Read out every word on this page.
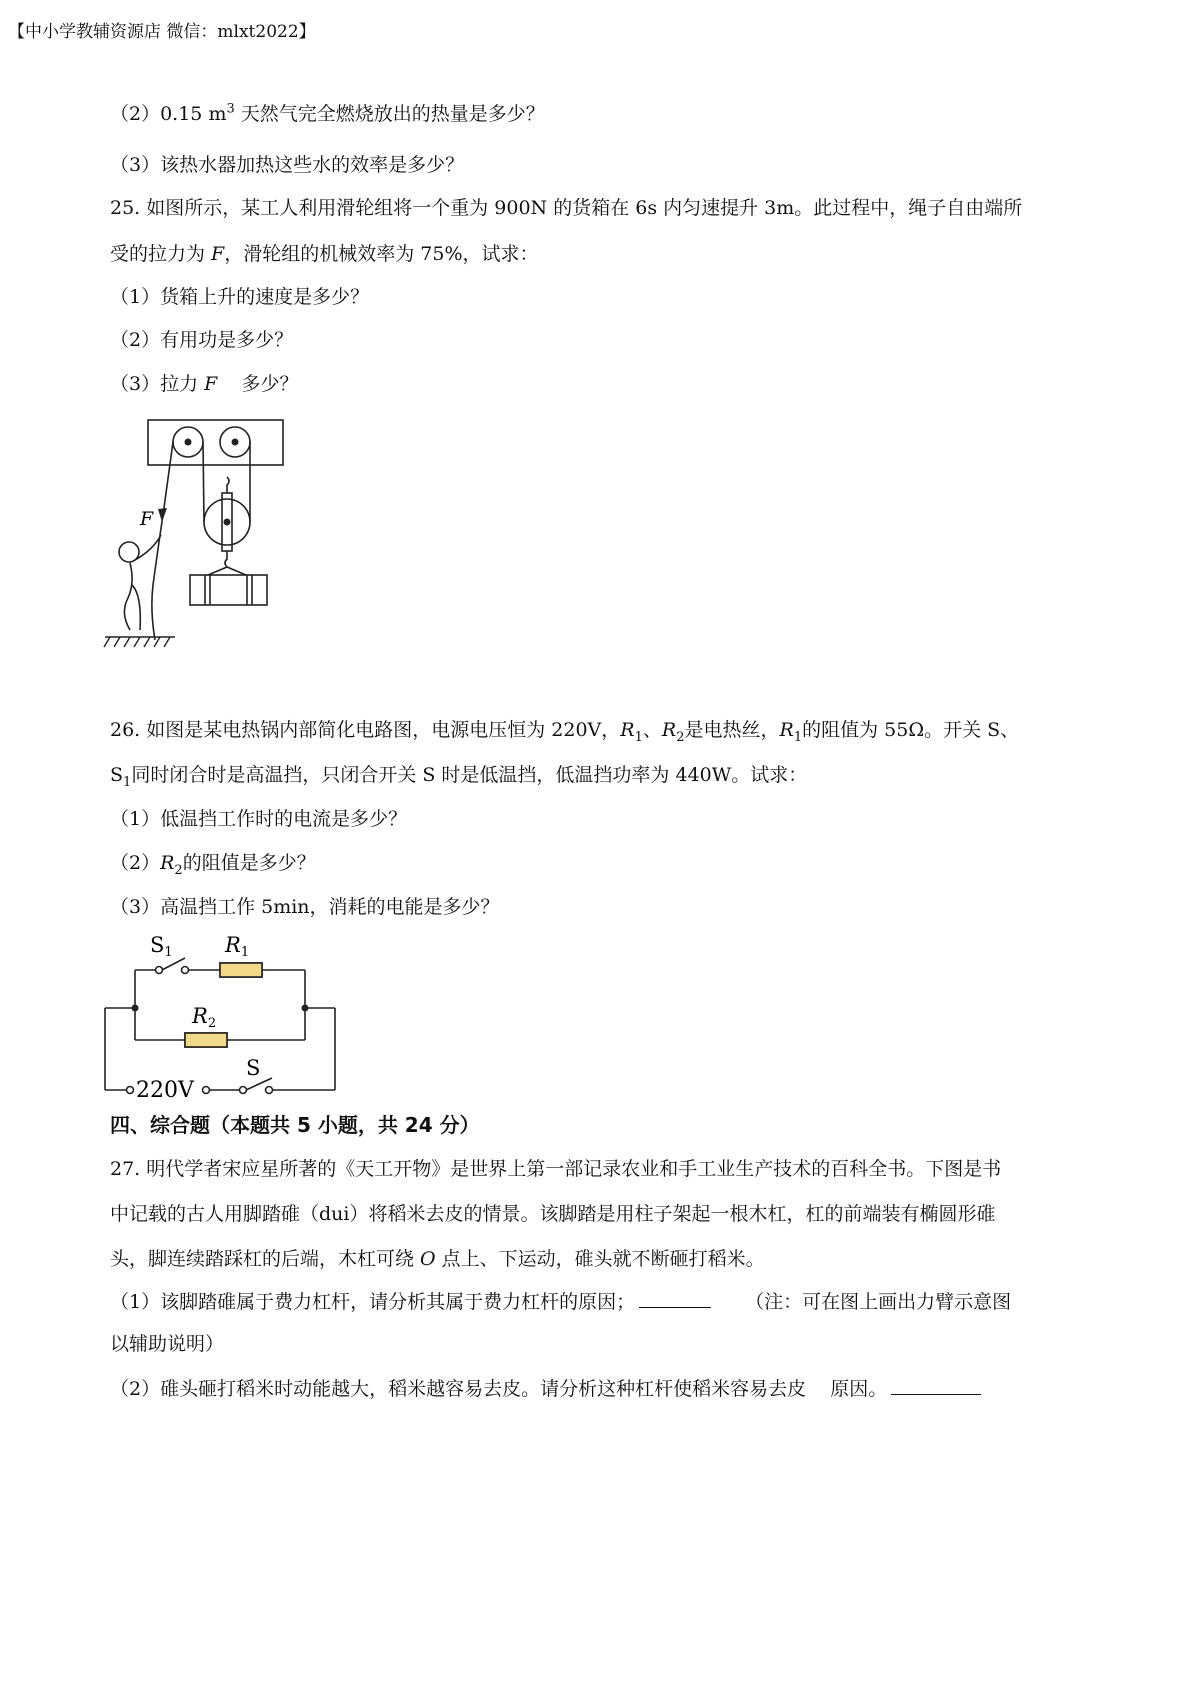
【中小学教辅资源店 微信：mlxt2022】
（2）0.15 $m^3$ 天然气完全燃烧放出的热量是多少？
（3）该热水器加热这些水的效率是多少？
25. 如图所示，某工人利用滑轮组将一个重为 900N 的货箱在 6s 内匀速提升 3m。此过程中，绳子自由端所
受的拉力为 F，滑轮组的机械效率为 75%，试求：
（1）货箱上升的速度是多少？
（2）有用功是多少？
（3）拉力 F    多少？
F
26. 如图是某电热锅内部简化电路图，电源电压恒为 220V，$R_1$、$R_2$是电热丝，$R_1$的阻值为 55Ω。开关 S、
$S_1$同时闭合时是高温挡，只闭合开关 S 时是低温挡，低温挡功率为 440W。试求：
（1）低温挡工作时的电流是多少？
$(2)R_2$的阻值是多少？
（3）高温挡工作 5min，消耗的电能是多少？
S1 R1
R2
220V
S
四、综合题（本题共 5 小题，共 24 分）
27. 明代学者宋应星所著的《天工开物》是世界上第一部记录农业和手工业生产技术的百科全书。下图是书
中记载的古人用脚踏碓（dui）将稻米去皮的情景。该脚踏是用柱子架起一根木杠，杠的前端装有椭圆形碓
头，脚连续踏踩杠的后端，木杠可绕 O 点上、下运动，碓头就不断砸打稻米。
（1）该脚踏碓属于费力杠杆，请分析其属于费力杠杆的原因；	（注：可在图上画出力臂示意图
以辅助说明）
（2）碓头砸打稻米时动能越大，稻米越容易去皮。请分析这种杠杆使稻米容易去皮    原因。
